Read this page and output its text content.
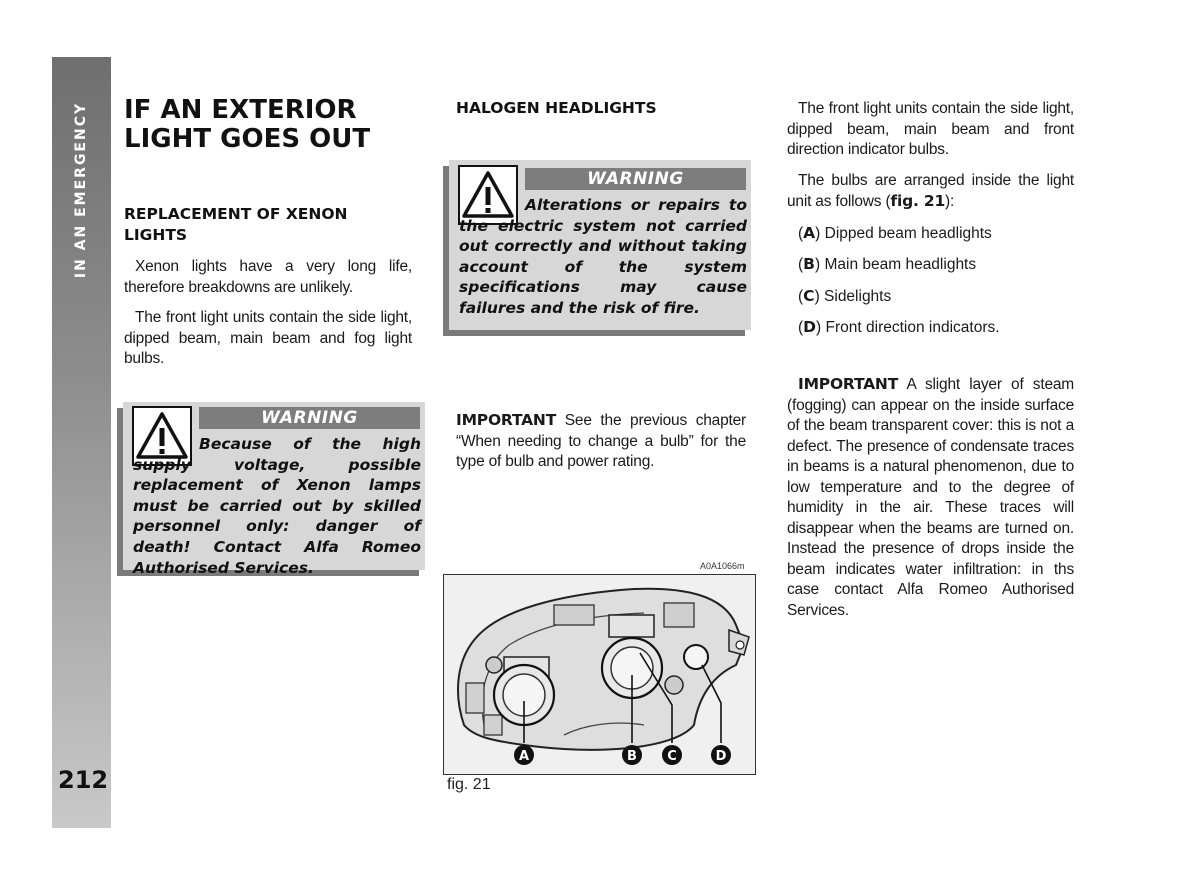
IN AN EMERGENCY
212
IF AN EXTERIOR LIGHT GOES OUT
REPLACEMENT OF XENON LIGHTS

Xenon lights have a very long life, therefore breakdowns are unlikely.

The front light units contain the side light, dipped beam, main beam and fog light bulbs.

WARNING

Because of the high supply voltage, possible replacement of Xenon lamps must be carried out by skilled personnel only: danger of death! Contact Alfa Romeo Authorised Services.

HALOGEN HEADLIGHTS
WARNING

Alterations or repairs to the electric system not carried out correctly and without taking account of the system specifications may cause failures and the risk of fire.

IMPORTANT See the previous chapter “When needing to change a bulb” for the type of bulb and power rating.

A0A1066m
A	B C	D
fig. 21

The front light units contain the side light, dipped beam, main beam and front direction indicator bulbs.

The bulbs are arranged inside the light unit as follows (fig. 21):

(A) Dipped beam headlights
(B) Main beam headlights
(C) Sidelights
(D) Front direction indicators.

IMPORTANT A slight layer of steam (fogging) can appear on the inside surface of the beam transparent cover: this is not a defect. The presence of condensate traces in beams is a natural phenomenon, due to low temperature and to the degree of humidity in the air. These traces will disappear when the beams are turned on. Instead the presence of drops inside the beam indicates water infiltration: in ths case contact Alfa Romeo Authorised Services.
